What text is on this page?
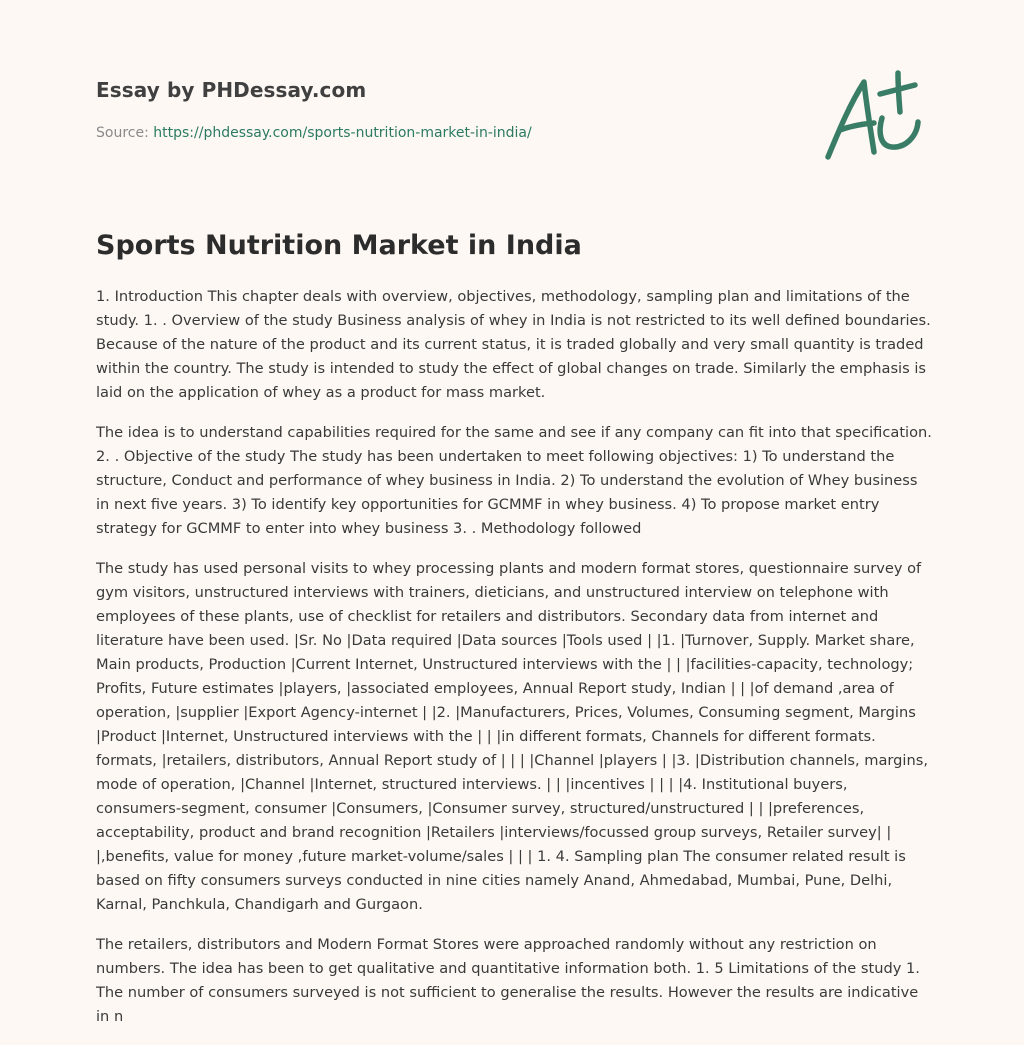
Essay by PHDessay.com
Source: https://phdessay.com/sports-nutrition-market-in-india/
Sports Nutrition Market in India

1. Introduction This chapter deals with overview, objectives, methodology, sampling plan and limitations of the study. 1. . Overview of the study Business analysis of whey in India is not restricted to its well defined boundaries. Because of the nature of the product and its current status, it is traded globally and very small quantity is traded within the country. The study is intended to study the effect of global changes on trade. Similarly the emphasis is laid on the application of whey as a product for mass market.

The idea is to understand capabilities required for the same and see if any company can fit into that specification. 2. . Objective of the study The study has been undertaken to meet following objectives: 1) To understand the structure, Conduct and performance of whey business in India. 2) To understand the evolution of Whey business in next five years. 3) To identify key opportunities for GCMMF in whey business. 4) To propose market entry strategy for GCMMF to enter into whey business 3. . Methodology followed

The study has used personal visits to whey processing plants and modern format stores, questionnaire survey of gym visitors, unstructured interviews with trainers, dieticians, and unstructured interview on telephone with employees of these plants, use of checklist for retailers and distributors. Secondary data from internet and literature have been used. |Sr. No |Data required |Data sources |Tools used | |1. |Turnover, Supply. Market share, Main products, Production |Current Internet, Unstructured interviews with the | | |facilities-capacity, technology; Profits, Future estimates |players, |associated employees, Annual Report study, Indian | | |of demand ,area of operation, |supplier |Export Agency-internet | |2. |Manufacturers, Prices, Volumes, Consuming segment, Margins |Product |Internet, Unstructured interviews with the | | |in different formats, Channels for different formats. formats, |retailers, distributors, Annual Report study of | | | |Channel |players | |3. |Distribution channels, margins, mode of operation, |Channel |Internet, structured interviews. | | |incentives | | | |4. Institutional buyers, consumers-segment, consumer |Consumers, |Consumer survey, structured/unstructured | | |preferences, acceptability, product and brand recognition |Retailers |interviews/focussed group surveys, Retailer survey| | |,benefits, value for money ,future market-volume/sales | | | 1. 4. Sampling plan The consumer related result is based on fifty consumers surveys conducted in nine cities namely Anand, Ahmedabad, Mumbai, Pune, Delhi, Karnal, Panchkula, Chandigarh and Gurgaon.

The retailers, distributors and Modern Format Stores were approached randomly without any restriction on numbers. The idea has been to get qualitative and quantitative information both. 1. 5 Limitations of the study 1. The number of consumers surveyed is not sufficient to generalise the results. However the results are indicative in n
